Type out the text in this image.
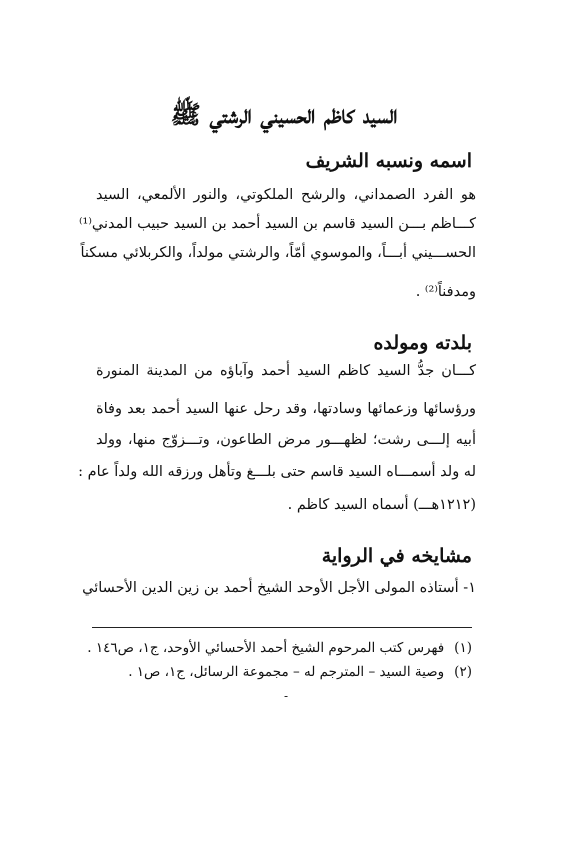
السيد كاظم الحسيني الرشتي ﷺ
اسمه ونسبه الشريف
هو الفرد الصمداني، والرشح الملكوتي، والنور الألمعي، السيد
كـــاظم بـــن السيد قاسم بن السيد أحمد بن السيد حبيب المدني⁽¹⁾
الحســـيني أبـــاً، والموسوي أمّاً، والرشتي مولداً، والكربلائي مسكناً
ومدفناً⁽²⁾ .
بلدته ومولده
كـــان جدُّ السيد كاظم السيد أحمد وآباؤه من المدينة المنورة
ورؤسائها وزعمائها وسادتها، وقد رحل عنها السيد أحمد بعد وفاة
أبيه إلـــى رشت؛ لظهـــور مرض الطاعون، وتـــزوّج منها، وولد
له ولد أسمـــاه السيد قاسم حتى بلـــغ وتأهل ورزقه الله ولداً عام :
(١٢١٢هـــ) أسماه السيد كاظم .
مشايخه في الرواية
١- أستاذه المولى الأجل الأوحد الشيخ أحمد بن زين الدين الأحسائي
(١)فهرس كتب المرحوم الشيخ أحمد الأحسائي الأوحد، ج١، ص١٤٦ .
(٢)وصية السيد – المترجم له – مجموعة الرسائل، ج١، ص١ .
-
